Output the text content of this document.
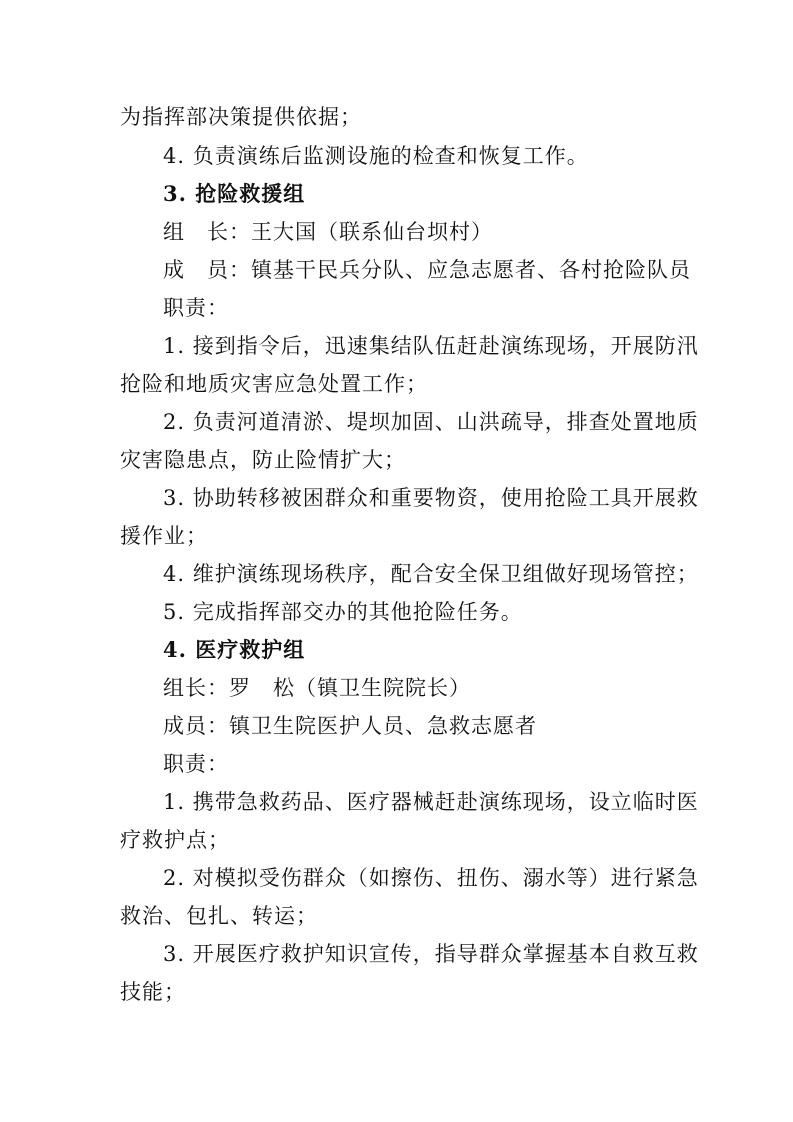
为指挥部决策提供依据；
4. 负责演练后监测设施的检查和恢复工作。
3. 抢险救援组
组　长：王大国（联系仙台坝村）
成　员：镇基干民兵分队、应急志愿者、各村抢险队员
职责：
1. 接到指令后，迅速集结队伍赶赴演练现场，开展防汛
抢险和地质灾害应急处置工作；
2. 负责河道清淤、堤坝加固、山洪疏导，排查处置地质
灾害隐患点，防止险情扩大；
3. 协助转移被困群众和重要物资，使用抢险工具开展救
援作业；
4. 维护演练现场秩序，配合安全保卫组做好现场管控；
5. 完成指挥部交办的其他抢险任务。
4. 医疗救护组
组长：罗　松（镇卫生院院长）
成员：镇卫生院医护人员、急救志愿者
职责：
1. 携带急救药品、医疗器械赶赴演练现场，设立临时医
疗救护点；
2. 对模拟受伤群众（如擦伤、扭伤、溺水等）进行紧急
救治、包扎、转运；
3. 开展医疗救护知识宣传，指导群众掌握基本自救互救
技能；
